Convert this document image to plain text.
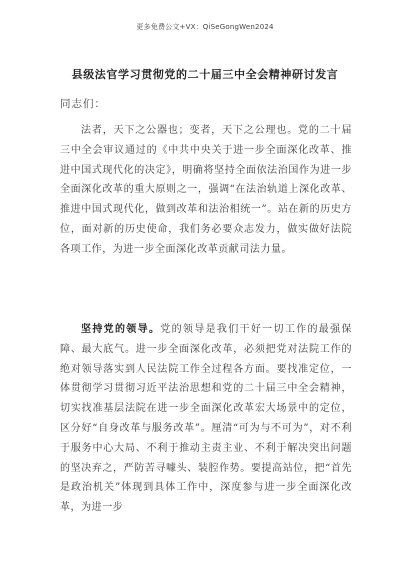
更多免费公文+VX：QiSeGongWen2024
县级法官学习贯彻党的二十届三中全会精神研讨发言
同志们：

法者，天下之公器也；变者，天下之公理也。党的二十届三中全会审议通过的《中共中央关于进一步全面深化改革、推进中国式现代化的决定》，明确将坚持全面依法治国作为进一步全面深化改革的重大原则之一，强调“在法治轨道上深化改革、推进中国式现代化，做到改革和法治相统一”。站在新的历史方位，面对新的历史使命，我们务必要众志发力，做实做好法院各项工作，为进一步全面深化改革贡献司法力量。

坚持党的领导。党的领导是我们干好一切工作的最强保障、最大底气。进一步全面深化改革，必须把党对法院工作的绝对领导落实到人民法院工作全过程各方面。要找准定位，一体贯彻学习贯彻习近平法治思想和党的二十届三中全会精神，切实找准基层法院在进一步全面深化改革宏大场景中的定位，区分好“自身改革与服务改革”。厘清“可为与不可为”，对不利于服务中心大局、不利于推动主责主业、不利于解决突出问题的坚决弃之，严防苦寻噱头、装腔作势。要提高站位，把“首先是政治机关”体现到具体工作中，深度参与进一步全面深化改革，为进一步
